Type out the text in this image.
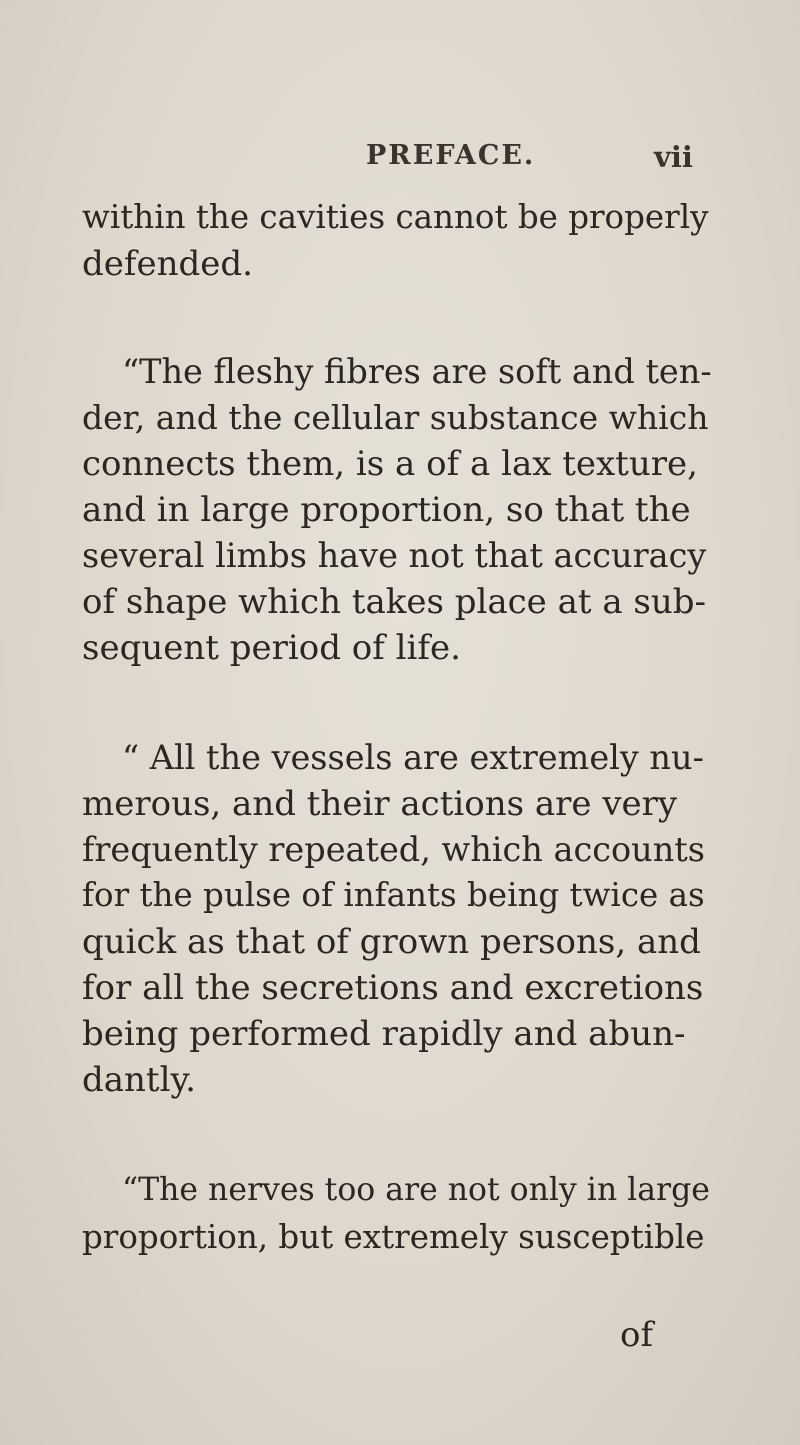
PREFACE.	vii
within the cavities cannot be properly
defended.
“The fleshy fibres are soft and ten-
der, and the cellular substance which
connects them, is a of a lax texture,
and in large proportion, so that the
several limbs have not that accuracy
of shape which takes place at a sub-
sequent period of life.
“ All the vessels are extremely nu-
merous, and their actions are very
frequently repeated, which accounts
for the pulse of infants being twice as
quick as that of grown persons, and
for all the secretions and excretions
being performed rapidly and abun-
dantly.
“The nerves too are not only in large
proportion, but extremely susceptible
of
